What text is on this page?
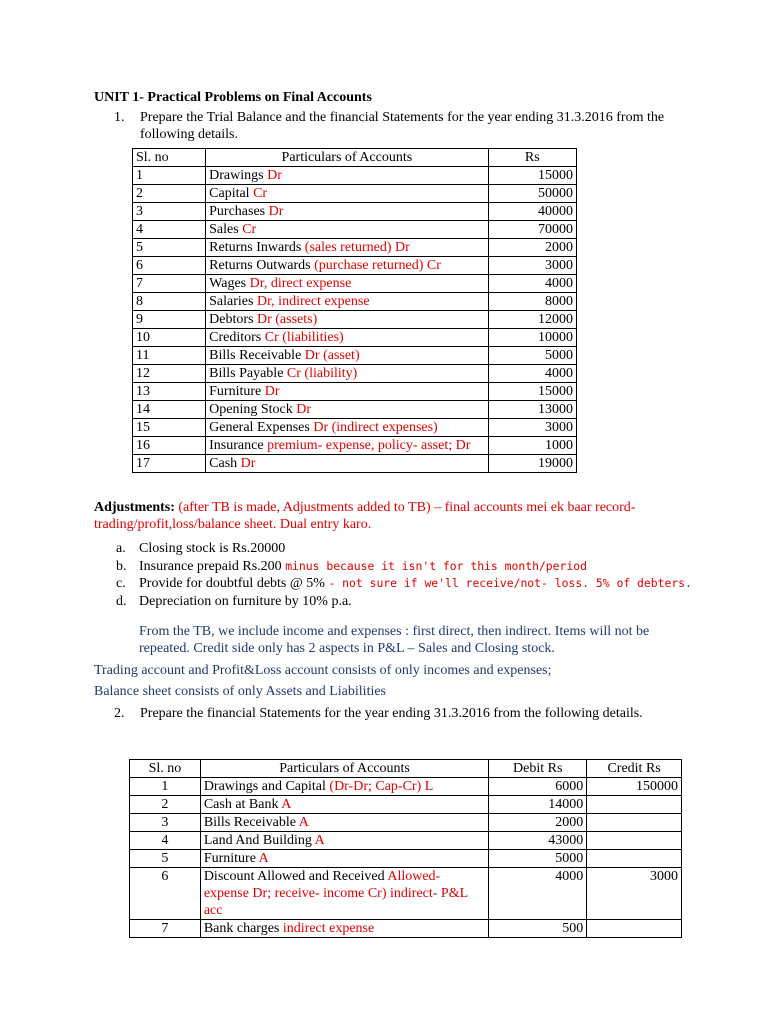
UNIT 1- Practical Problems on Final Accounts
1. Prepare the Trial Balance and the financial Statements for the year ending 31.3.2016 from the following details.
Sl. no	Particulars of Accounts	Rs
1	Drawings Dr	15000
2	Capital Cr	50000
3	Purchases Dr	40000
4	Sales Cr	70000
5	Returns Inwards (sales returned) Dr	2000
6	Returns Outwards (purchase returned) Cr	3000
7	Wages Dr, direct expense	4000
8	Salaries Dr, indirect expense	8000
9	Debtors Dr (assets)	12000
10	Creditors Cr (liabilities)	10000
11	Bills Receivable Dr (asset)	5000
12	Bills Payable Cr (liability)	4000
13	Furniture Dr	15000
14	Opening Stock Dr	13000
15	General Expenses Dr (indirect expenses)	3000
16	Insurance premium- expense, policy- asset; Dr	1000
17	Cash Dr	19000
Adjustments: (after TB is made, Adjustments added to TB) – final accounts mei ek baar record- trading/profit,loss/balance sheet. Dual entry karo.
a. Closing stock is Rs.20000
b. Insurance prepaid Rs.200 minus because it isn't for this month/period
c. Provide for doubtful debts @ 5% - not sure if we'll receive/not- loss. 5% of debters.
d. Depreciation on furniture by 10% p.a.
From the TB, we include income and expenses : first direct, then indirect. Items will not be repeated. Credit side only has 2 aspects in P&L – Sales and Closing stock.
Trading account and Profit&Loss account consists of only incomes and expenses;
Balance sheet consists of only Assets and Liabilities
2. Prepare the financial Statements for the year ending 31.3.2016 from the following details.
Sl. no	Particulars of Accounts	Debit Rs	Credit Rs
1	Drawings and Capital (Dr-Dr; Cap-Cr) L	6000	150000
2	Cash at Bank A	14000	
3	Bills Receivable A	2000	
4	Land And Building A	43000	
5	Furniture A	5000	
6	Discount Allowed and Received Allowed- expense Dr; receive- income Cr) indirect- P&L acc	4000	3000
7	Bank charges indirect expense	500	
